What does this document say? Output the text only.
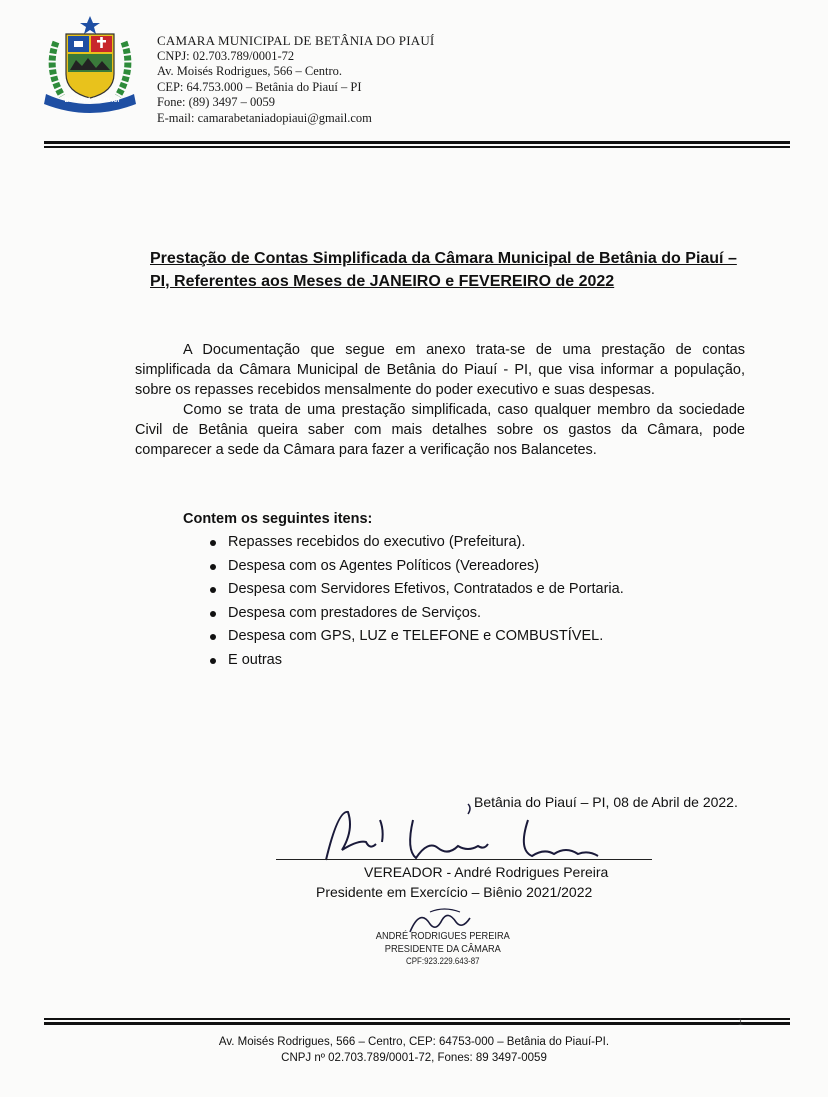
BETÂNIA DO PIAUÍ
CAMARA MUNICIPAL DE BETÂNIA DO PIAUÍ
CNPJ: 02.703.789/0001-72
Av. Moisés Rodrigues, 566 – Centro.
CEP: 64.753.000 – Betânia do Piauí – PI
Fone: (89) 3497 – 0059
E-mail: camarabetaniadopiaui@gmail.com
Prestação de Contas Simplificada da Câmara Municipal de Betânia do Piauí – PI, Referentes aos Meses de JANEIRO e FEVEREIRO de 2022

A Documentação que segue em anexo trata-se de uma prestação de contas simplificada da Câmara Municipal de Betânia do Piauí - PI, que visa informar a população, sobre os repasses recebidos mensalmente do poder executivo e suas despesas.

Como se trata de uma prestação simplificada, caso qualquer membro da sociedade Civil de Betânia queira saber com mais detalhes sobre os gastos da Câmara, pode comparecer a sede da Câmara para fazer a verificação nos Balancetes.

Contem os seguintes itens:
Repasses recebidos do executivo (Prefeitura).
Despesa com os Agentes Políticos (Vereadores)
Despesa com Servidores Efetivos, Contratados e de Portaria.
Despesa com prestadores de Serviços.
Despesa com GPS, LUZ e TELEFONE e COMBUSTÍVEL.
E outras
Betânia do Piauí – PI, 08 de Abril de 2022.
VEREADOR - André Rodrigues Pereira
Presidente em Exercício – Biênio 2021/2022
ANDRÉ RODRIGUES PEREIRA
PRESIDENTE DA CÂMARA
CPF:923.229.643-87
1
Av. Moisés Rodrigues, 566 – Centro, CEP: 64753-000 – Betânia do Piauí-PI.
CNPJ nº 02.703.789/0001-72, Fones: 89 3497-0059
